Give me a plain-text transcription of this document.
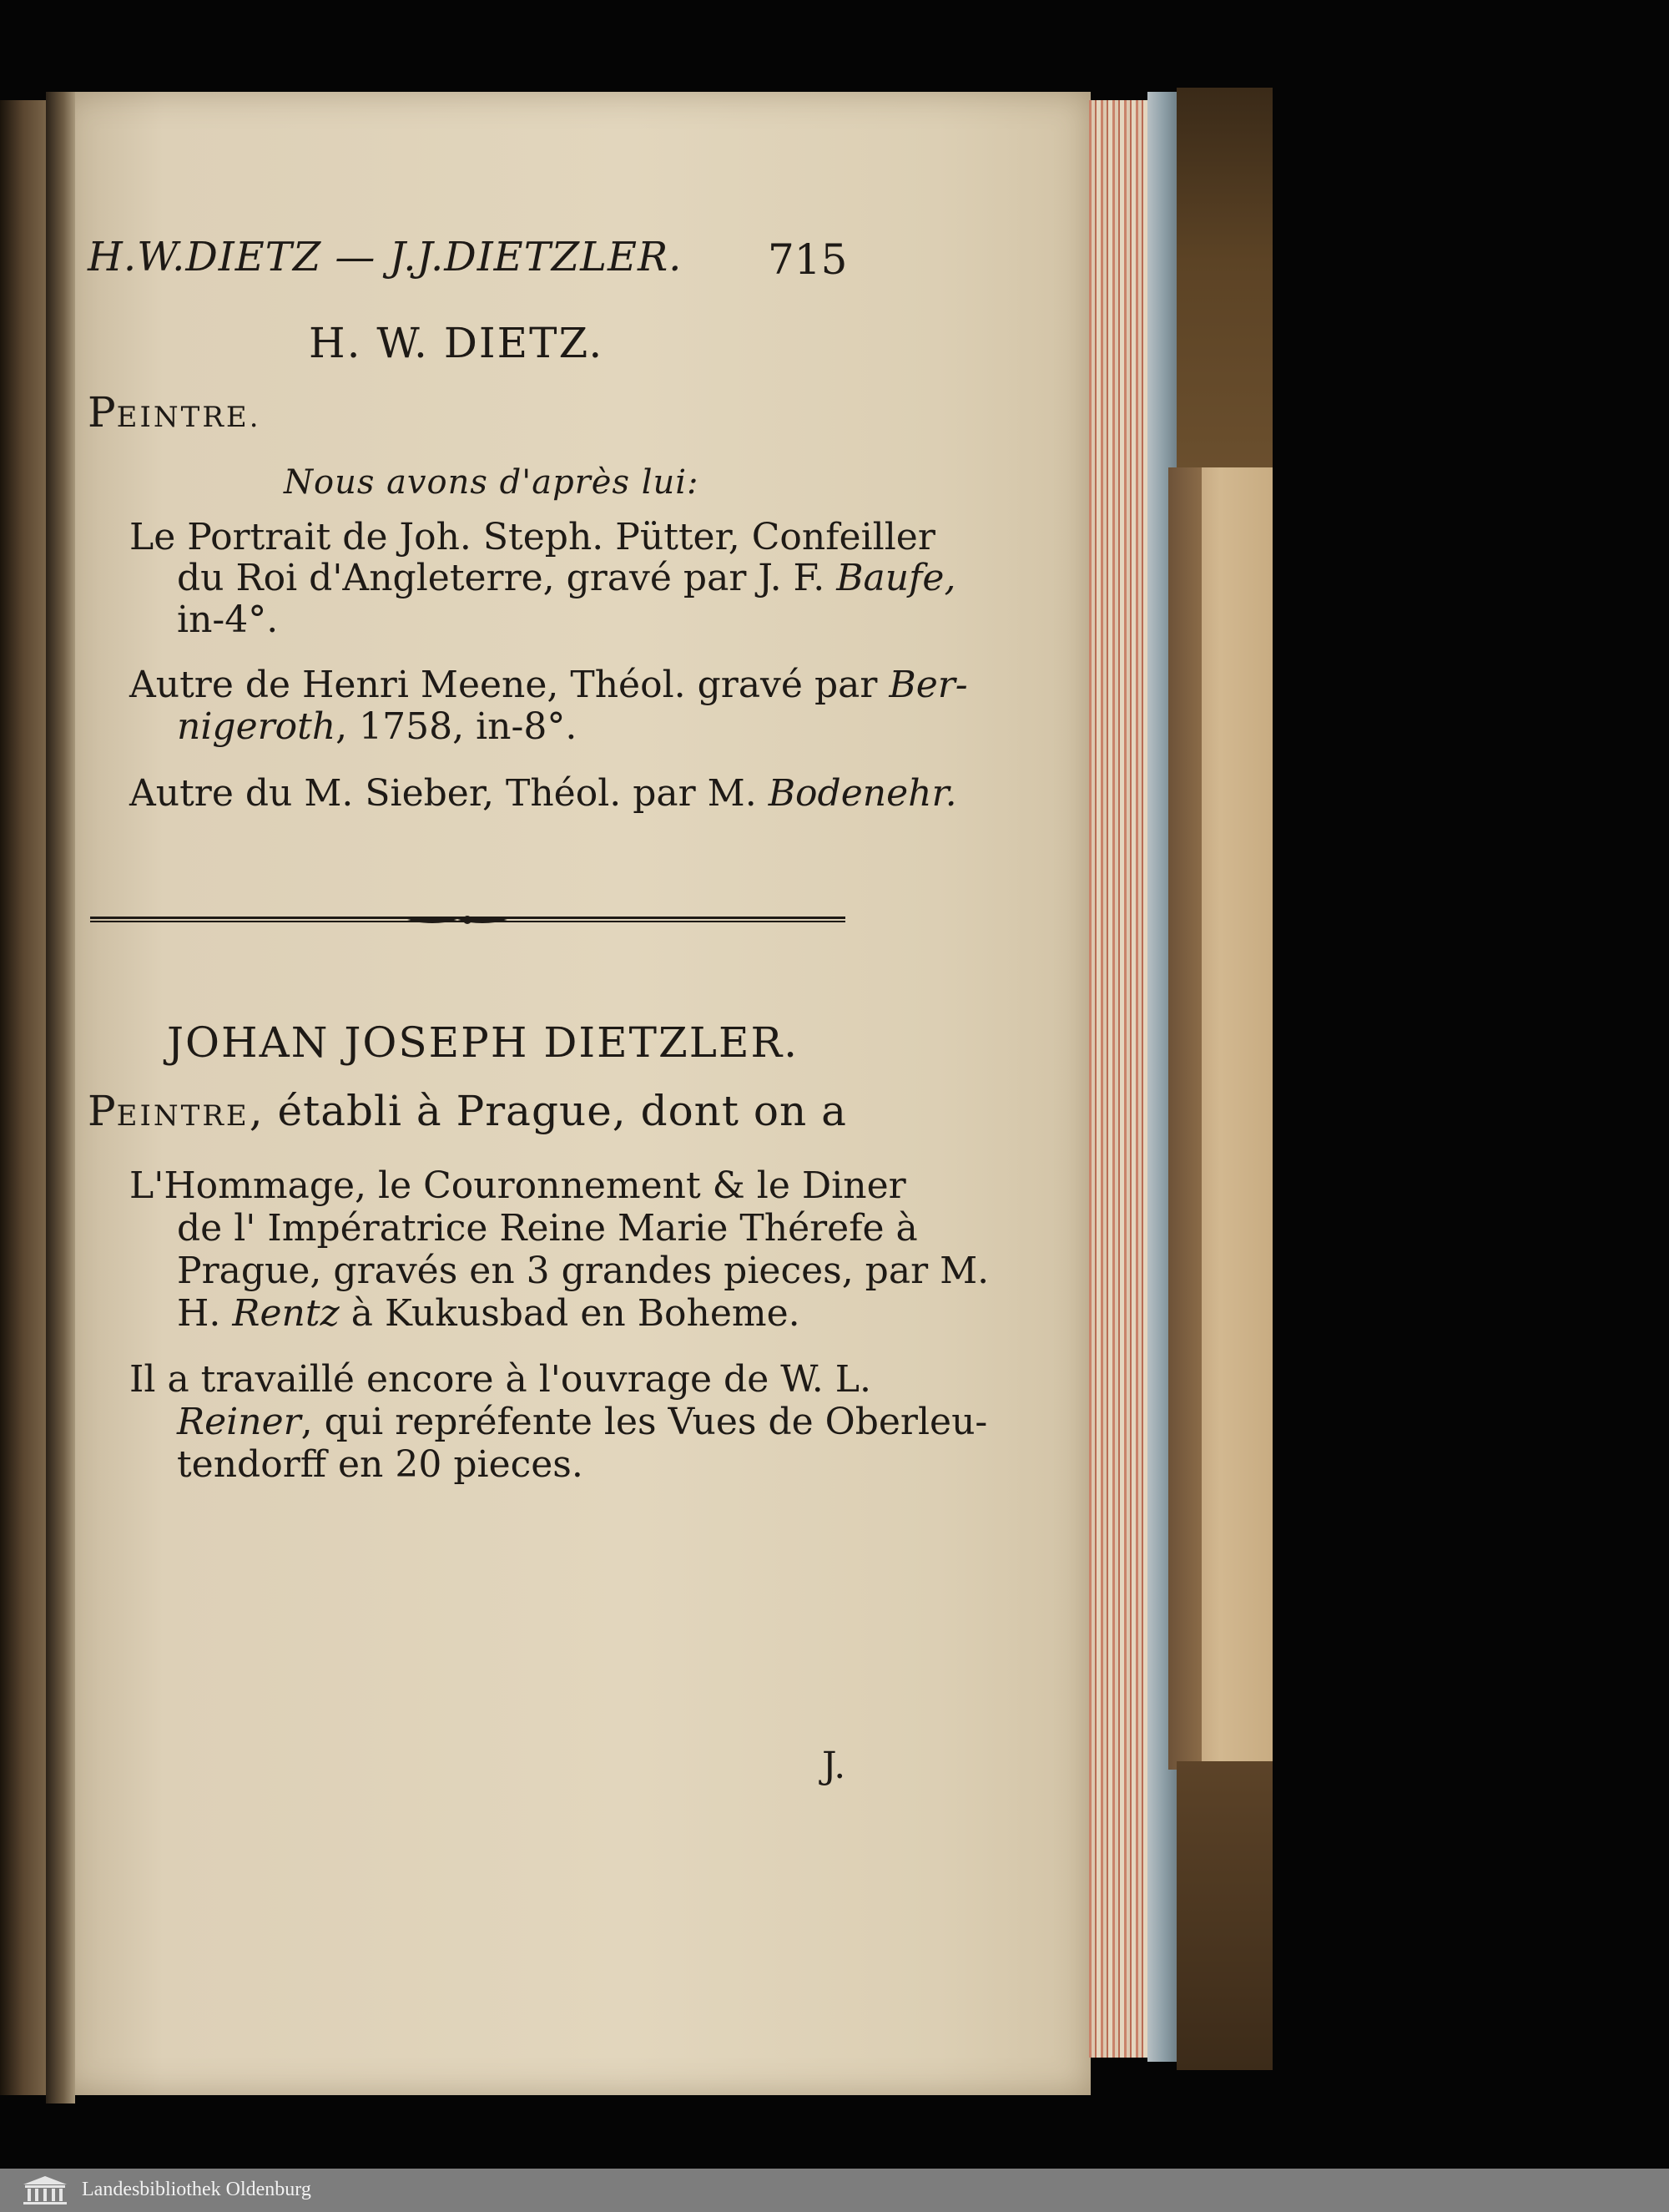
H.W.DIETZ — J.J.DIETZLER. 715
H. W. DIETZ.
PEINTRE.
Nous avons d'après lui:
Le Portrait de Joh. Steph. Pütter, Confeiller
du Roi d'Angleterre, gravé par J. F. Baufe,
in-4°.
Autre de Henri Meene, Théol. gravé par Ber-
nigeroth, 1758, in-8°.
Autre du M. Sieber, Théol. par M. Bodenehr.
JOHAN JOSEPH DIETZLER.
PEINTRE, établi à Prague, dont on a
L'Hommage, le Couronnement & le Diner
de l' Impératrice Reine Marie Thérefe à
Prague, gravés en 3 grandes pieces, par M.
H. Rentz à Kukusbad en Boheme.
Il a travaillé encore à l'ouvrage de W. L.
Reiner, qui repréfente les Vues de Oberleu-
tendorff en 20 pieces.
J.
Landesbibliothek Oldenburg
